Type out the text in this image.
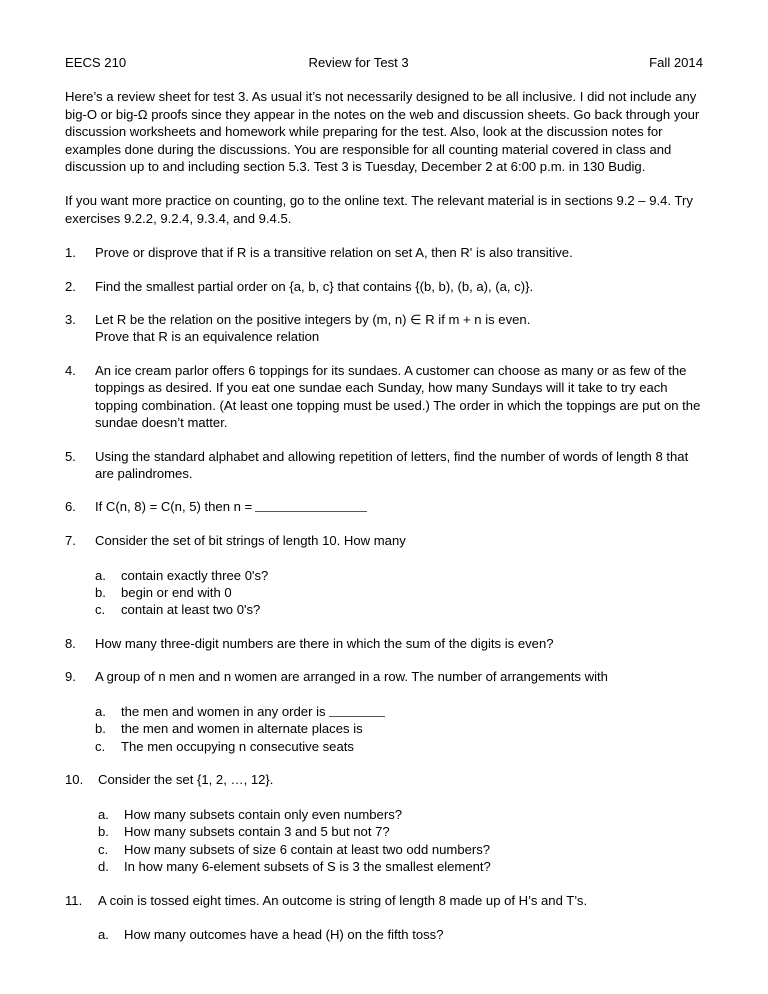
EECS 210	Review for Test 3	Fall 2014

Here’s a review sheet for test 3. As usual it’s not necessarily designed to be all inclusive. I did not include any big-O or big-Ω proofs since they appear in the notes on the web and discussion sheets. Go back through your discussion worksheets and homework while preparing for the test. Also, look at the discussion notes for examples done during the discussions. You are responsible for all counting material covered in class and discussion up to and including section 5.3. Test 3 is Tuesday, December 2 at 6:00 p.m. in 130 Budig.

If you want more practice on counting, go to the online text. The relevant material is in sections 9.2 – 9.4. Try exercises 9.2.2, 9.2.4, 9.3.4, and 9.4.5.

1.	Prove or disprove that if R is a transitive relation on set A, then R' is also transitive.
2.	Find the smallest partial order on {a, b, c} that contains {(b, b), (b, a), (a, c)}.
3.	Let R be the relation on the positive integers by (m, n) ∈ R if m + n is even.
Prove that R is an equivalence relation
4.	An ice cream parlor offers 6 toppings for its sundaes. A customer can choose as many or as few of the toppings as desired. If you eat one sundae each Sunday, how many Sundays will it take to try each topping combination. (At least one topping must be used.) The order in which the toppings are put on the sundae doesn’t matter.
5.	Using the standard alphabet and allowing repetition of letters, find the number of words of length 8 that are palindromes.
6.	If C(n, 8) = C(n, 5) then n =
7.	Consider the set of bit strings of length 10. How many
a.	contain exactly three 0's?
b.	begin or end with 0
c.	contain at least two 0's?
8.	How many three-digit numbers are there in which the sum of the digits is even?
9.	A group of n men and n women are arranged in a row. The number of arrangements with
a.	the men and women in any order is
b.	the men and women in alternate places is
c.	The men occupying n consecutive seats
10.	Consider the set {1, 2, …, 12}.
a.	How many subsets contain only even numbers?
b.	How many subsets contain 3 and 5 but not 7?
c.	How many subsets of size 6 contain at least two odd numbers?
d.	In how many 6-element subsets of S is 3 the smallest element?
11.	A coin is tossed eight times. An outcome is string of length 8 made up of H’s and T’s.
a.	How many outcomes have a head (H) on the fifth toss?
